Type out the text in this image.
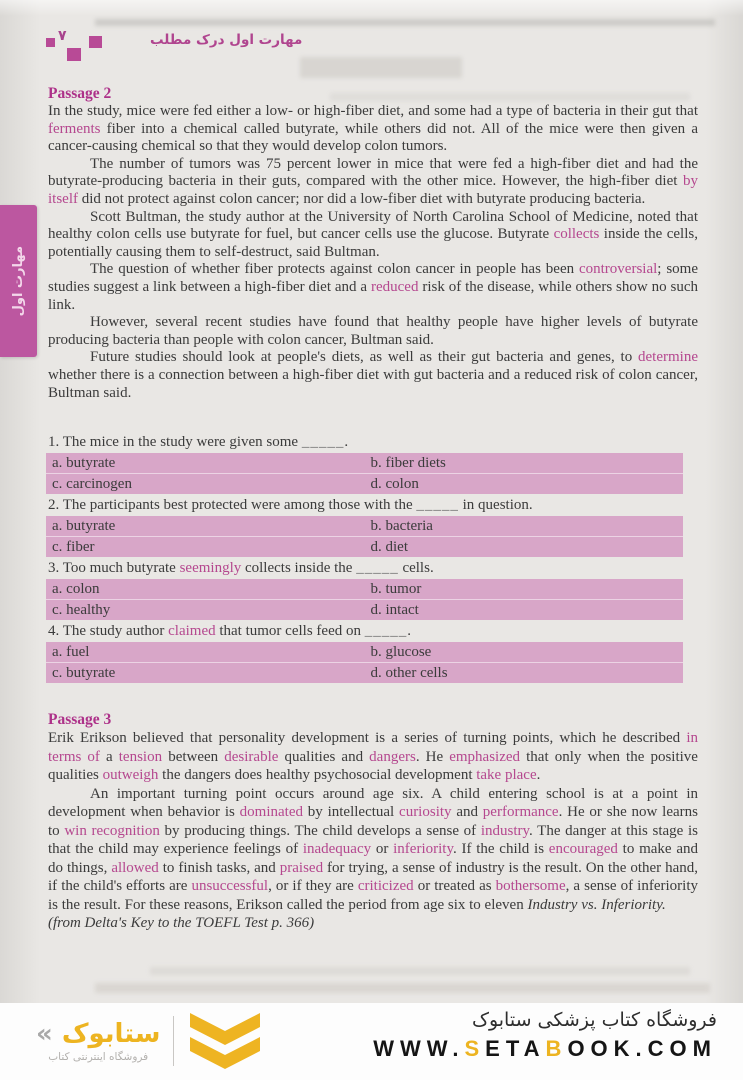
٧	مهارت اول درک مطلب
مهارت اول
Passage 2

In the study, mice were fed either a low- or high-fiber diet, and some had a type of bacteria in their gut that ferments fiber into a chemical called butyrate, while others did not. All of the mice were then given a cancer-causing chemical so that they would develop colon tumors.

The number of tumors was 75 percent lower in mice that were fed a high-fiber diet and had the butyrate-producing bacteria in their guts, compared with the other mice. However, the high-fiber diet by itself did not protect against colon cancer; nor did a low-fiber diet with butyrate producing bacteria.

Scott Bultman, the study author at the University of North Carolina School of Medicine, noted that healthy colon cells use butyrate for fuel, but cancer cells use the glucose. Butyrate collects inside the cells, potentially causing them to self-destruct, said Bultman.

The question of whether fiber protects against colon cancer in people has been controversial; some studies suggest a link between a high-fiber diet and a reduced risk of the disease, while others show no such link.

However, several recent studies have found that healthy people have higher levels of butyrate producing bacteria than people with colon cancer, Bultman said.

Future studies should look at people's diets, as well as their gut bacteria and genes, to determine whether there is a connection between a high-fiber diet with gut bacteria and a reduced risk of colon cancer, Bultman said.

1. The mice in the study were given some _____.
a. butyrate	b. fiber diets
c. carcinogen	d. colon
2. The participants best protected were among those with the _____ in question.
a. butyrate	b. bacteria
c. fiber	d. diet
3. Too much butyrate seemingly collects inside the _____ cells.
a. colon	b. tumor
c. healthy	d. intact
4. The study author claimed that tumor cells feed on _____.
a. fuel	b. glucose
c. butyrate	d. other cells
Passage 3

Erik Erikson believed that personality development is a series of turning points, which he described in terms of a tension between desirable qualities and dangers. He emphasized that only when the positive qualities outweigh the dangers does healthy psychosocial development take place.

An important turning point occurs around age six. A child entering school is at a point in development when behavior is dominated by intellectual curiosity and performance. He or she now learns to win recognition by producing things. The child develops a sense of industry. The danger at this stage is that the child may experience feelings of inadequacy or inferiority. If the child is encouraged to make and do things, allowed to finish tasks, and praised for trying, a sense of industry is the result. On the other hand, if the child's efforts are unsuccessful, or if they are criticized or treated as bothersome, a sense of inferiority is the result. For these reasons, Erikson called the period from age six to eleven Industry vs. Inferiority.

(from Delta's Key to the TOEFL Test p. 366)

« ستابوک
فروشگاه اینترنتی کتاب
فروشگاه کتاب پزشکی ستابوک
WWW.SETABOOK.COM
